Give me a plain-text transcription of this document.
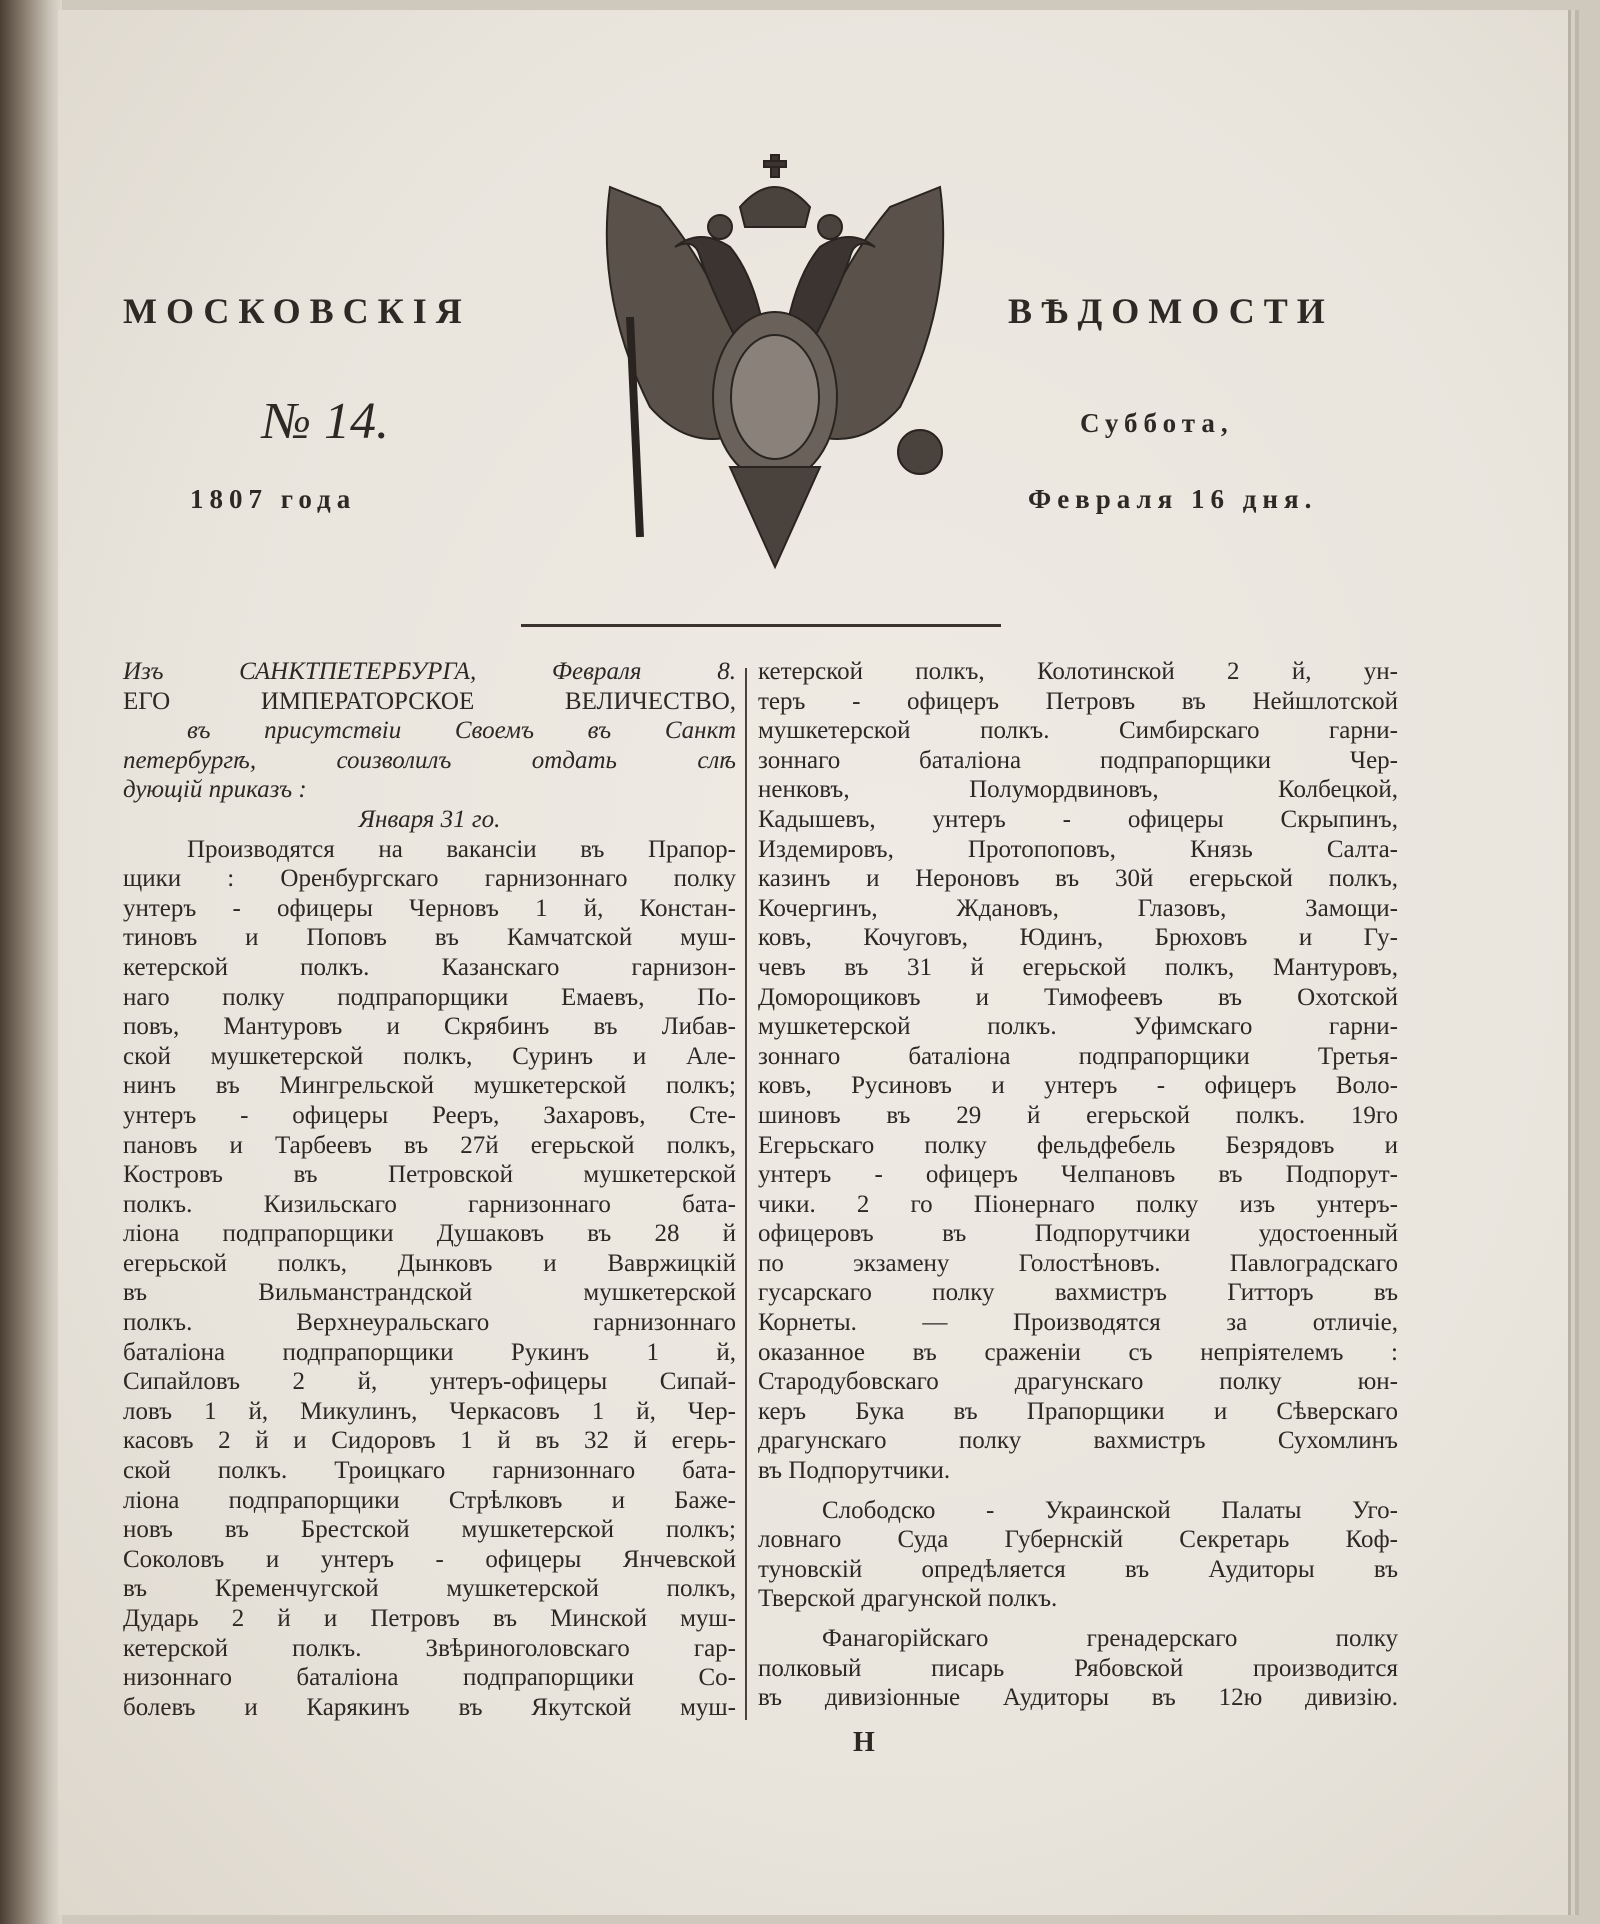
МОСКОВСКІЯ	ВѢДОМОСТИ
№ 14.	Суббота,
1807 года	Февраля 16 дня.
Изъ САНКТПЕТЕРБУРГА, Февраля 8.
ЕГО ИМПЕРАТОРСКОЕ ВЕЛИЧЕСТВО,
въ присутствіи Своемъ въ Санкт
петербургѣ, соизволилъ отдать слѣ
дующій приказъ :
Января 31 го.
Производятся на вакансіи въ Прапор-
щики : Оренбургскаго гарнизоннаго полку
унтеръ - офицеры Черновъ 1 й, Констан-
тиновъ и Поповъ въ Камчатской муш-
кетерской полкъ. Казанскаго гарнизон-
наго полку подпрапорщики Емаевъ, По-
повъ, Мантуровъ и Скрябинъ въ Либав-
ской мушкетерской полкъ, Суринъ и Але-
нинъ въ Мингрельской мушкетерской полкъ;
унтеръ - офицеры Рееръ, Захаровъ, Сте-
пановъ и Тарбеевъ въ 27й егерьской полкъ,
Костровъ въ Петровской мушкетерской
полкъ. Кизильскаго гарнизоннаго бата-
ліона подпрапорщики Душаковъ въ 28 й
егерьской полкъ, Дынковъ и Вавржицкій
въ Вильманстрандской мушкетерской
полкъ. Верхнеуральскаго гарнизоннаго
баталіона подпрапорщики Рукинъ 1 й,
Сипайловъ 2 й, унтеръ-офицеры Сипай-
ловъ 1 й, Микулинъ, Черкасовъ 1 й, Чер-
касовъ 2 й и Сидоровъ 1 й въ 32 й егерь-
ской полкъ. Троицкаго гарнизоннаго бата-
ліона подпрапорщики Стрѣлковъ и Баже-
новъ въ Брестской мушкетерской полкъ;
Соколовъ и унтеръ - офицеры Янчевской
въ Кременчугской мушкетерской полкъ,
Дударь 2 й и Петровъ въ Минской муш-
кетерской полкъ. Звѣриноголовскаго гар-
низоннаго баталіона подпрапорщики Со-
болевъ и Карякинъ въ Якутской муш-
кетерской полкъ, Колотинской 2 й, ун-
теръ - офицеръ Петровъ въ Нейшлотской
мушкетерской полкъ. Симбирскаго гарни-
зоннаго баталіона подпрапорщики Чер-
ненковъ, Полумордвиновъ, Колбецкой,
Кадышевъ, унтеръ - офицеры Скрыпинъ,
Издемировъ, Протопоповъ, Князь Салта-
казинъ и Нероновъ въ 30й егерьской полкъ,
Кочергинъ, Ждановъ, Глазовъ, Замощи-
ковъ, Кочуговъ, Юдинъ, Брюховъ и Гу-
чевъ въ 31 й егерьской полкъ, Мантуровъ,
Доморощиковъ и Тимофеевъ въ Охотской
мушкетерской полкъ. Уфимскаго гарни-
зоннаго баталіона подпрапорщики Третья-
ковъ, Русиновъ и унтеръ - офицеръ Воло-
шиновъ въ 29 й егерьской полкъ. 19го
Егерьскаго полку фельдфебель Безрядовъ и
унтеръ - офицеръ Челпановъ въ Подпорут-
чики. 2 го Піонернаго полку изъ унтеръ-
офицеровъ въ Подпорутчики удостоенный
по экзамену Голостѣновъ. Павлоградскаго
гусарскаго полку вахмистръ Гитторъ въ
Корнеты. — Производятся за отличіе,
оказанное въ сраженіи съ непріятелемъ :
Стародубовскаго драгунскаго полку юн-
керъ Бука въ Прапорщики и Сѣверскаго
драгунскаго полку вахмистръ Сухомлинъ
въ Подпорутчики.
Слободско - Украинской Палаты Уго-
ловнаго Суда Губернскій Секретарь Коф-
туновскій опредѣляется въ Аудиторы въ
Тверской драгунской полкъ.
Фанагорійскаго гренадерскаго полку
полковый писарь Рябовской производится
въ дивизіонные Аудиторы въ 12ю дивизію.
Н
